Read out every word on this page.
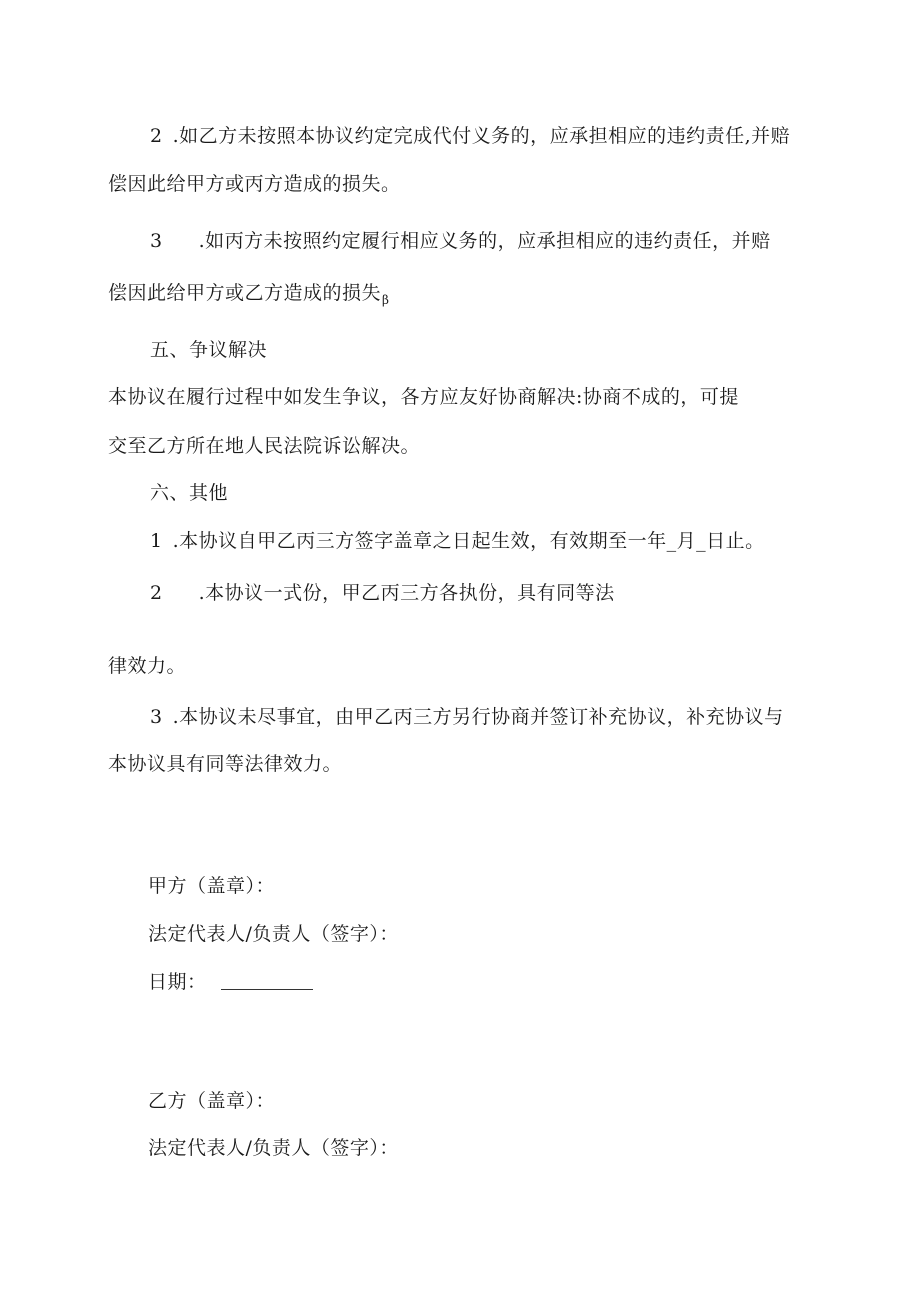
2 .如乙方未按照本协议约定完成代付义务的，应承担相应的违约责任,并赔
偿因此给甲方或丙方造成的损失。
3 .如丙方未按照约定履行相应义务的，应承担相应的违约责任，并赔
偿因此给甲方或乙方造成的损失$_\beta$
五、争议解决
本协议在履行过程中如发生争议，各方应友好协商解决:协商不成的，可提
交至乙方所在地人民法院诉讼解决。
六、其他
1 .本协议自甲乙丙三方签字盖章之日起生效，有效期至一年_月_日止。
2 .本协议一式份，甲乙丙三方各执份，具有同等法
律效力。
3 .本协议未尽事宜，由甲乙丙三方另行协商并签订补充协议，补充协议与
本协议具有同等法律效力。
甲方（盖章）：
法定代表人/负责人（签字）：
日期：
乙方（盖章）：
法定代表人/负责人（签字）：
